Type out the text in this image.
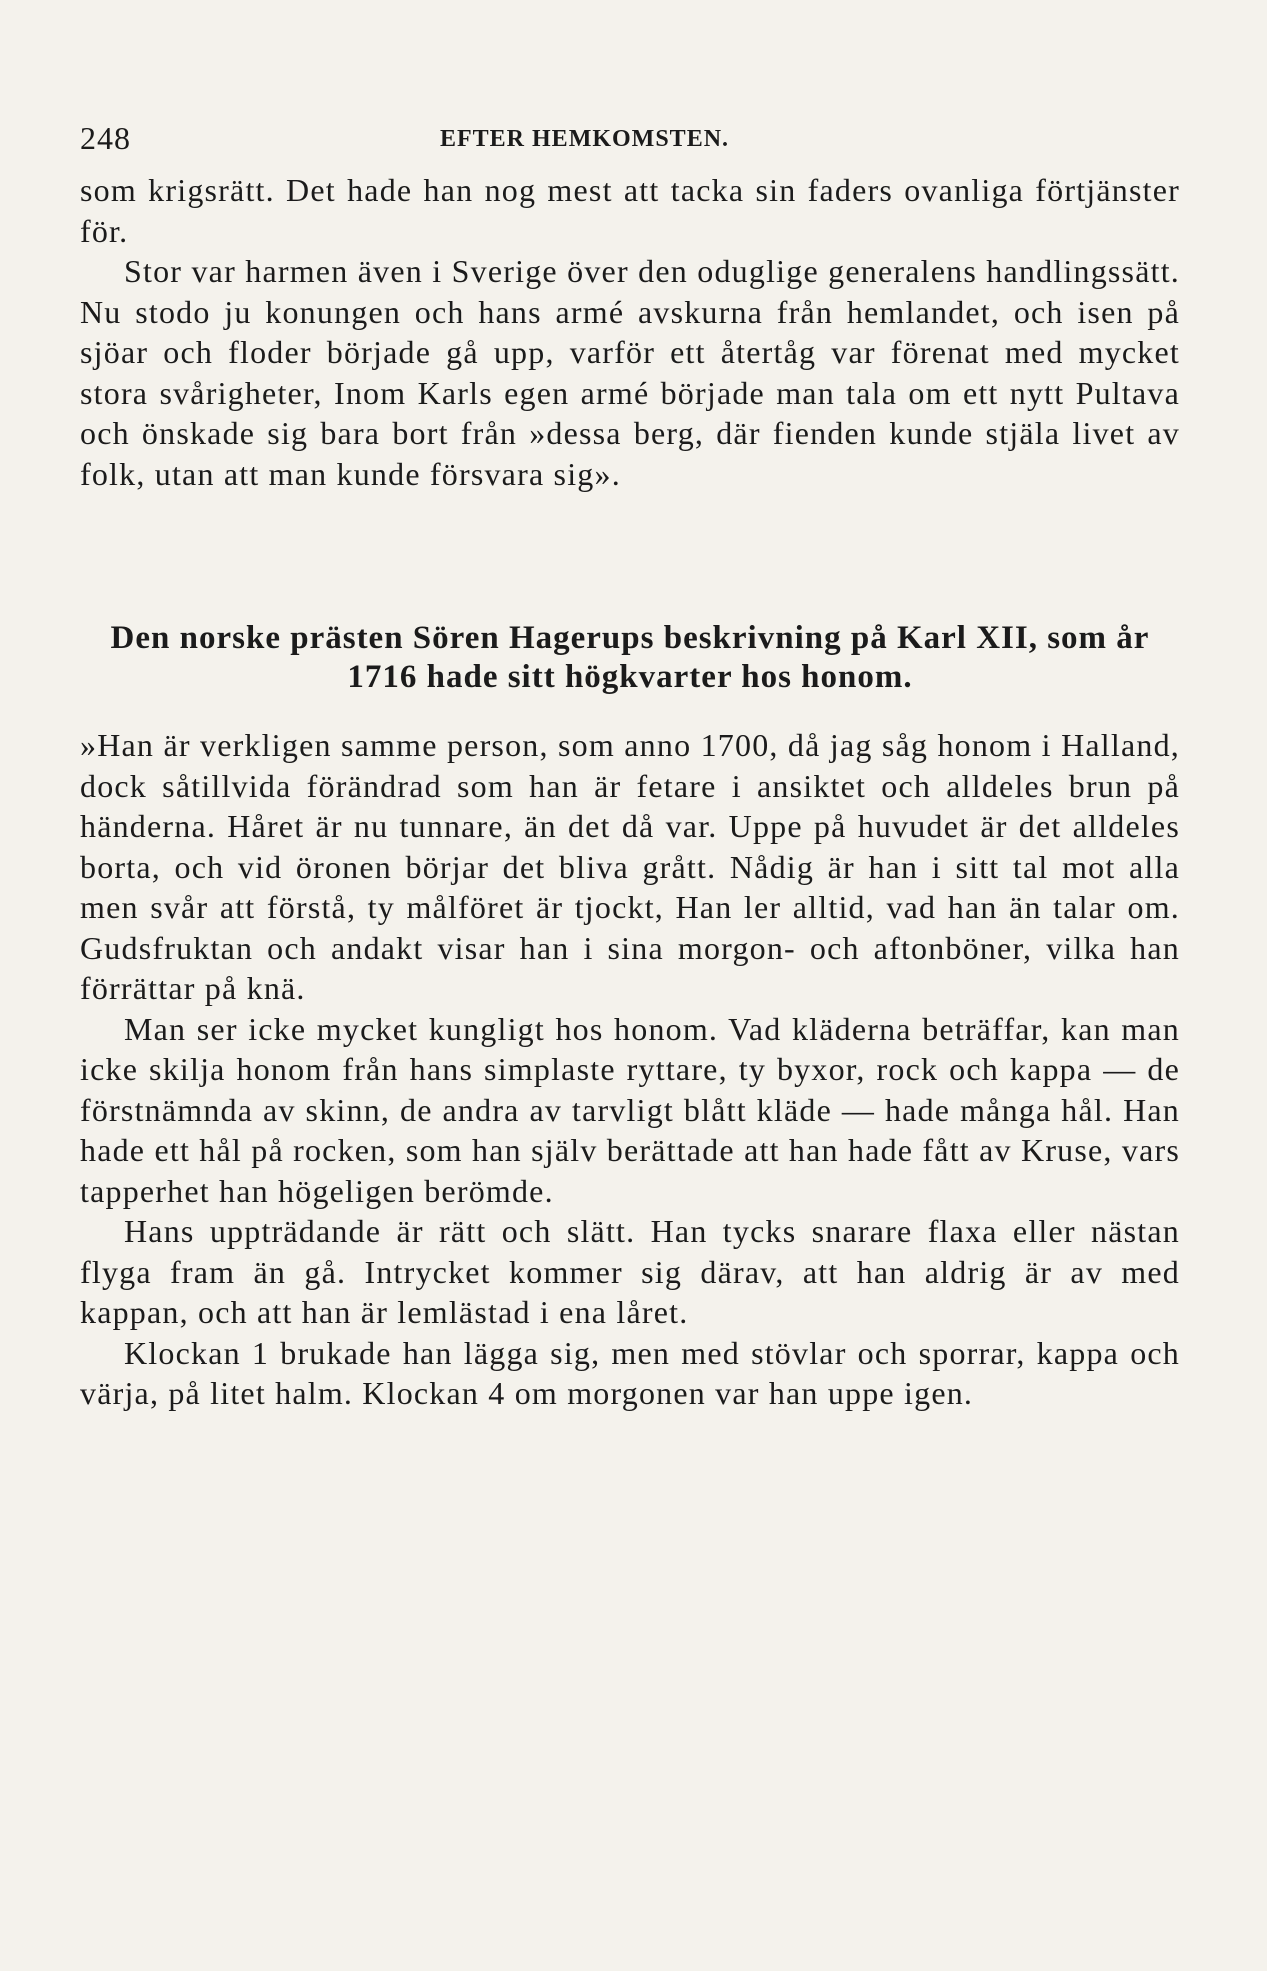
248	EFTER HEMKOMSTEN.

som krigsrätt. Det hade han nog mest att tacka sin faders ovanliga förtjänster för.

Stor var harmen även i Sverige över den oduglige generalens handlingssätt. Nu stodo ju konungen och hans armé avskurna från hemlandet, och isen på sjöar och floder började gå upp, varför ett återtåg var förenat med mycket stora svårigheter, Inom Karls egen armé började man tala om ett nytt Pultava och önskade sig bara bort från »dessa berg, där fienden kunde stjäla livet av folk, utan att man kunde försvara sig».

Den norske prästen Sören Hagerups beskrivning på Karl XII, som år 1716 hade sitt högkvarter hos honom.

»Han är verkligen samme person, som anno 1700, då jag såg honom i Halland, dock såtillvida förändrad som han är fetare i ansiktet och alldeles brun på händerna. Håret är nu tunnare, än det då var. Uppe på huvudet är det alldeles borta, och vid öronen börjar det bliva grått. Nådig är han i sitt tal mot alla men svår att förstå, ty målföret är tjockt, Han ler alltid, vad han än talar om. Gudsfruktan och andakt visar han i sina morgon- och aftonböner, vilka han förrättar på knä.

Man ser icke mycket kungligt hos honom. Vad kläderna beträffar, kan man icke skilja honom från hans simplaste ryttare, ty byxor, rock och kappa — de förstnämnda av skinn, de andra av tarvligt blått kläde — hade många hål. Han hade ett hål på rocken, som han själv berättade att han hade fått av Kruse, vars tapperhet han högeligen berömde.

Hans uppträdande är rätt och slätt. Han tycks snarare flaxa eller nästan flyga fram än gå. Intrycket kommer sig därav, att han aldrig är av med kappan, och att han är lemlästad i ena låret.

Klockan 1 brukade han lägga sig, men med stövlar och sporrar, kappa och värja, på litet halm. Klockan 4 om morgonen var han uppe igen.
